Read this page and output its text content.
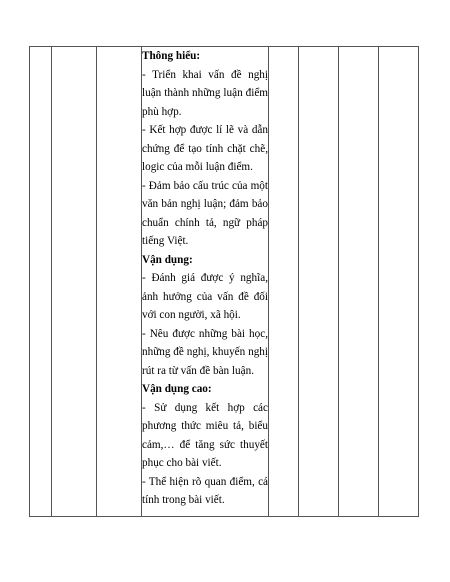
Thông hiểu:
- Triển khai vấn đề nghị luận thành những luận điểm phù hợp.
- Kết hợp được lí lẽ và dẫn chứng để tạo tính chặt chẽ, logic của mỗi luận điểm.
- Đảm bảo cấu trúc của một văn bản nghị luận; đảm bảo chuẩn chính tả, ngữ pháp tiếng Việt.
Vận dụng:
- Đánh giá được ý nghĩa, ảnh hưởng của vấn đề đối với con người, xã hội.
- Nêu được những bài học, những đề nghị, khuyến nghị rút ra từ vấn đề bàn luận.
Vận dụng cao:
- Sử dụng kết hợp các phương thức miêu tả, biểu cảm,… để tăng sức thuyết phục cho bài viết.
- Thể hiện rõ quan điểm, cá tính trong bài viết.
